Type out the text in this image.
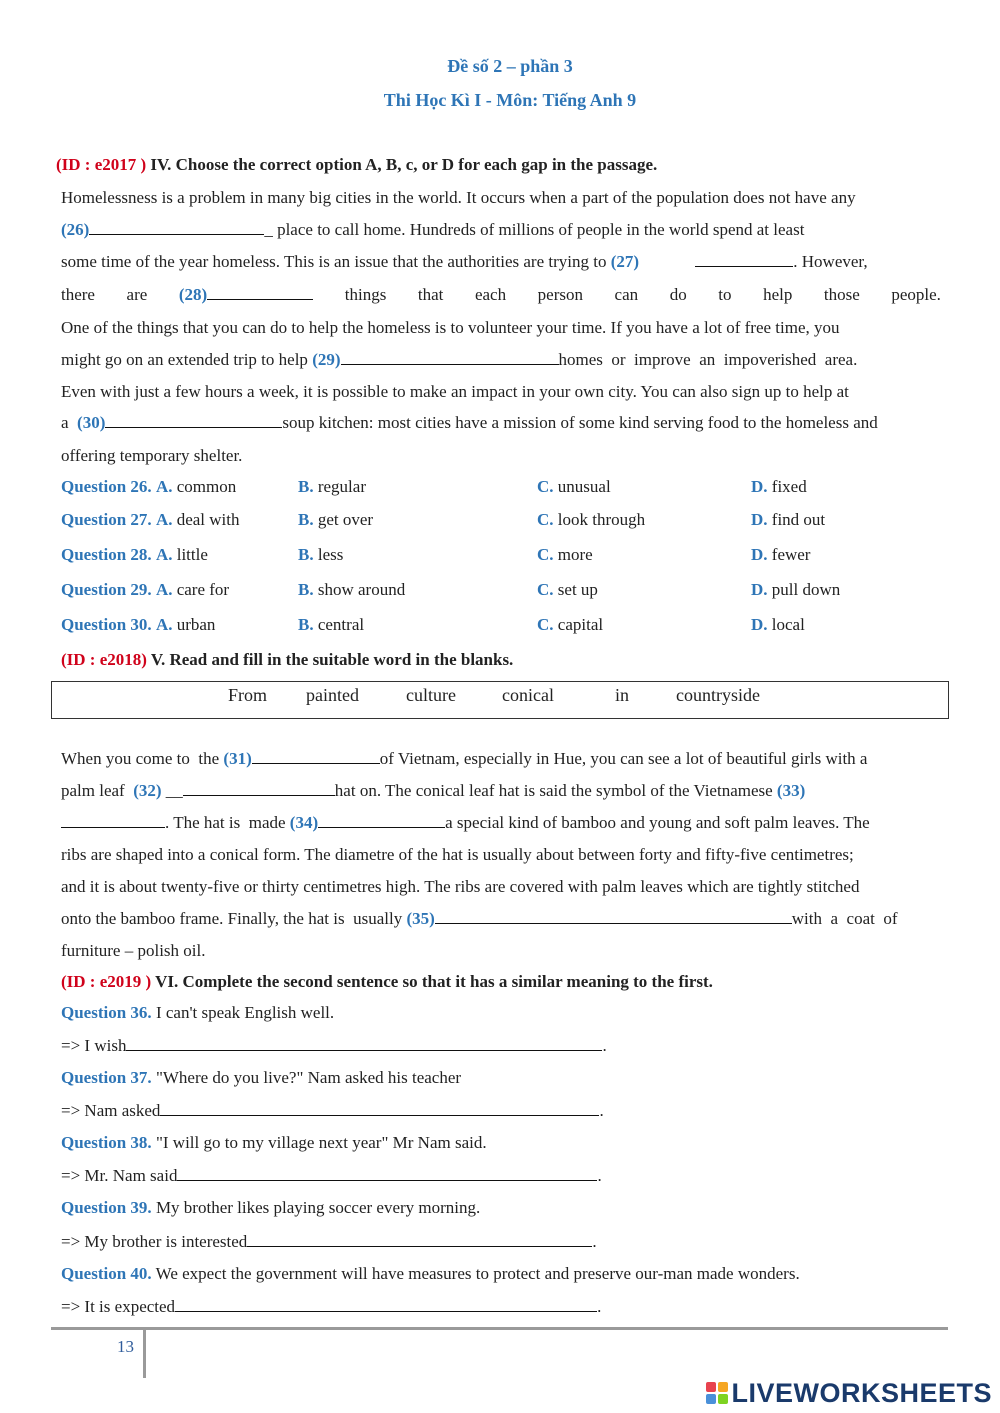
Đề số 2 – phần 3
Thi Học Kì I - Môn: Tiếng Anh 9
(ID : e2017 ) IV. Choose the correct option A, B, c, or D for each gap in the passage.
Homelessness is a problem in many big cities in the world. It occurs when a part of the population does not have any
(26)	_ place to call home. Hundreds of millions of people in the world spend at least
some time of the year homeless. This is an issue that the authorities are trying to (27)	. However,
there are (28)	things that each person can do to help those people.
One of the things that you can do to help the homeless is to volunteer your time. If you have a lot of free time, you
might go on an extended trip to help (29)	homes  or  improve  an  impoverished  area.
Even with just a few hours a week, it is possible to make an impact in your own city. You can also sign up to help at
a (30)	soup kitchen: most cities have a mission of some kind serving food to the homeless and
offering temporary shelter.
(ID : e2018) V. Read and fill in the suitable word in the blanks.
From painted	culture	conical	in	countryside
When you come to  the (31)	of Vietnam, especially in Hue, you can see a lot of beautiful girls with a
palm leaf (32) __	hat on. The conical leaf hat is said the symbol of the Vietnamese (33)
. The hat is  made (34)	a special kind of bamboo and young and soft palm leaves. The
ribs are shaped into a conical form. The diametre of the hat is usually about between forty and fifty-five centimetres;
and it is about twenty-five or thirty centimetres high. The ribs are covered with palm leaves which are tightly stitched
onto the bamboo frame. Finally, the hat is  usually (35)	with  a  coat  of
furniture – polish oil.
(ID : e2019 ) VI. Complete the second sentence so that it has a similar meaning to the first.
Question 36. I can't speak English well.
=> I wish	.
Question 37. "Where do you live?" Nam asked his teacher
=> Nam asked	.
Question 38. "I will go to my village next year" Mr Nam said.
=> Mr. Nam said	.
Question 39. My brother likes playing soccer every morning.
=> My brother is interested	.
Question 40. We expect the government will have measures to protect and preserve our-man made wonders.
=> It is expected	.
13
LIVEWORKSHEETS
Question 26. A. common	B. regular	C. unusual	D. fixed
Question 27. A. deal with	B. get over	C. look through	D. find out
Question 28. A. little	B. less	C. more	D. fewer
Question 29. A. care for	B. show around	C. set up	D. pull down
Question 30. A. urban	B. central	C. capital	D. local
